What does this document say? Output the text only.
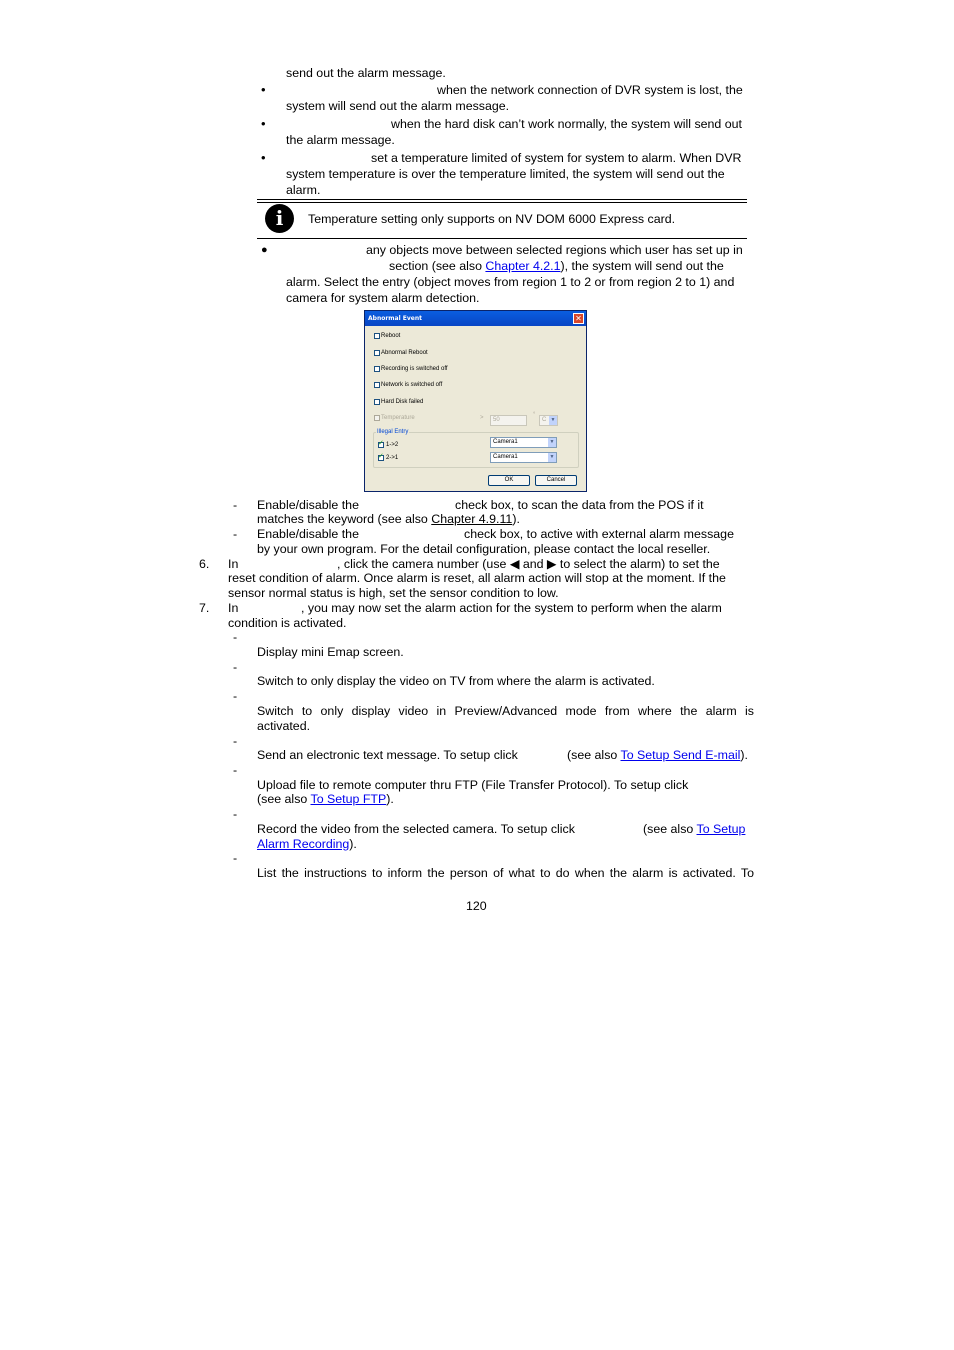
send out the alarm message.
•	when the network connection of DVR system is lost, the
system will send out the alarm message.
•	when the hard disk can’t work normally, the system will send out
the alarm message.
•	set a temperature limited of system for system to alarm. When DVR
system temperature is over the temperature limited, the system will send out the
alarm.
i	Temperature setting only supports on NV DOM 6000 Express card.
●	any objects move between selected regions which user has set up in
section (see also Chapter 4.2.1), the system will send out the
alarm. Select the entry (object moves from region 1 to 2 or from region 2 to 1) and
camera for system alarm detection.
Abnormal Event	✕
Reboot
Abnormal Reboot
Recording is switched off
Network is switched off
Hard Disk failed
Temperature	>	50
°
C ▼
Illegal Entry
✓
1->2	Camera1	▼
✓
2->1	Camera1	▼
OK	Cancel
- Enable/disable the	check box, to scan the data from the POS if it
matches the keyword (see also Chapter 4.9.11).
- Enable/disable the	check box, to active with external alarm message
by your own program. For the detail configuration, please contact the local reseller.
6. In	, click the camera number (use ◀ and ▶ to select the alarm) to set the
reset condition of alarm. Once alarm is reset, all alarm action will stop at the moment. If the
sensor normal status is high, set the sensor condition to low.
7. In	, you may now set the alarm action for the system to perform when the alarm
condition is activated.
-
Display mini Emap screen.
-
Switch to only display the video on TV from where the alarm is activated.
-
Switch to only display video in Preview/Advanced mode from where the alarm is
activated.
-
Send an electronic text message. To setup click	(see also To Setup Send E-mail).
-
Upload file to remote computer thru FTP (File Transfer Protocol). To setup click
(see also To Setup FTP).
-
Record the video from the selected camera. To setup click	(see also To Setup
Alarm Recording).
-
List the instructions to inform the person of what to do when the alarm is activated. To
120
